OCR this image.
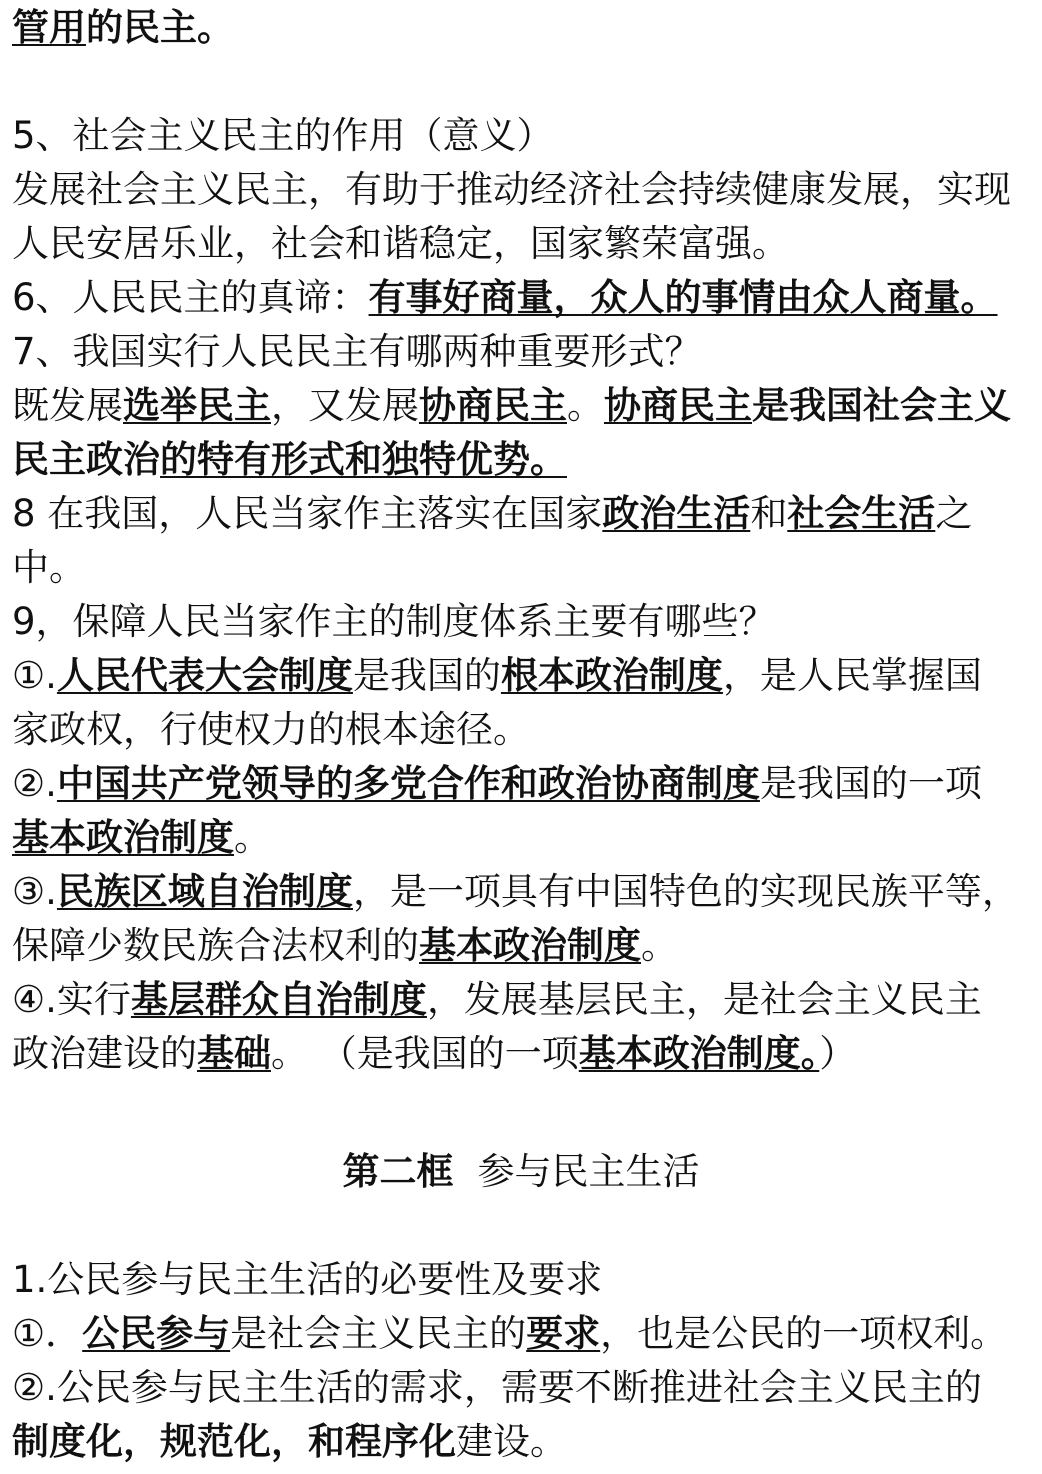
管用的民主。
5、社会主义民主的作用（意义）
发展社会主义民主，有助于推动经济社会持续健康发展，实现
人民安居乐业，社会和谐稳定，国家繁荣富强。
6、人民民主的真谛：有事好商量，众人的事情由众人商量。
7、我国实行人民民主有哪两种重要形式？
既发展选举民主，又发展协商民主。协商民主是我国社会主义
民主政治的特有形式和独特优势。
8 在我国，人民当家作主落实在国家政治生活和社会生活之
中。
9，保障人民当家作主的制度体系主要有哪些？
①.人民代表大会制度是我国的根本政治制度，是人民掌握国
家政权，行使权力的根本途径。
②.中国共产党领导的多党合作和政治协商制度是我国的一项
基本政治制度。
③.民族区域自治制度，是一项具有中国特色的实现民族平等，
保障少数民族合法权利的基本政治制度。
④.实行基层群众自治制度，发展基层民主，是社会主义民主
政治建设的基础。 （是我国的一项基本政治制度。）
1.公民参与民主生活的必要性及要求
①．公民参与是社会主义民主的要求，也是公民的一项权利。
②.公民参与民主生活的需求，需要不断推进社会主义民主的
制度化，规范化，和程序化建设。
第二框 参与民主生活
